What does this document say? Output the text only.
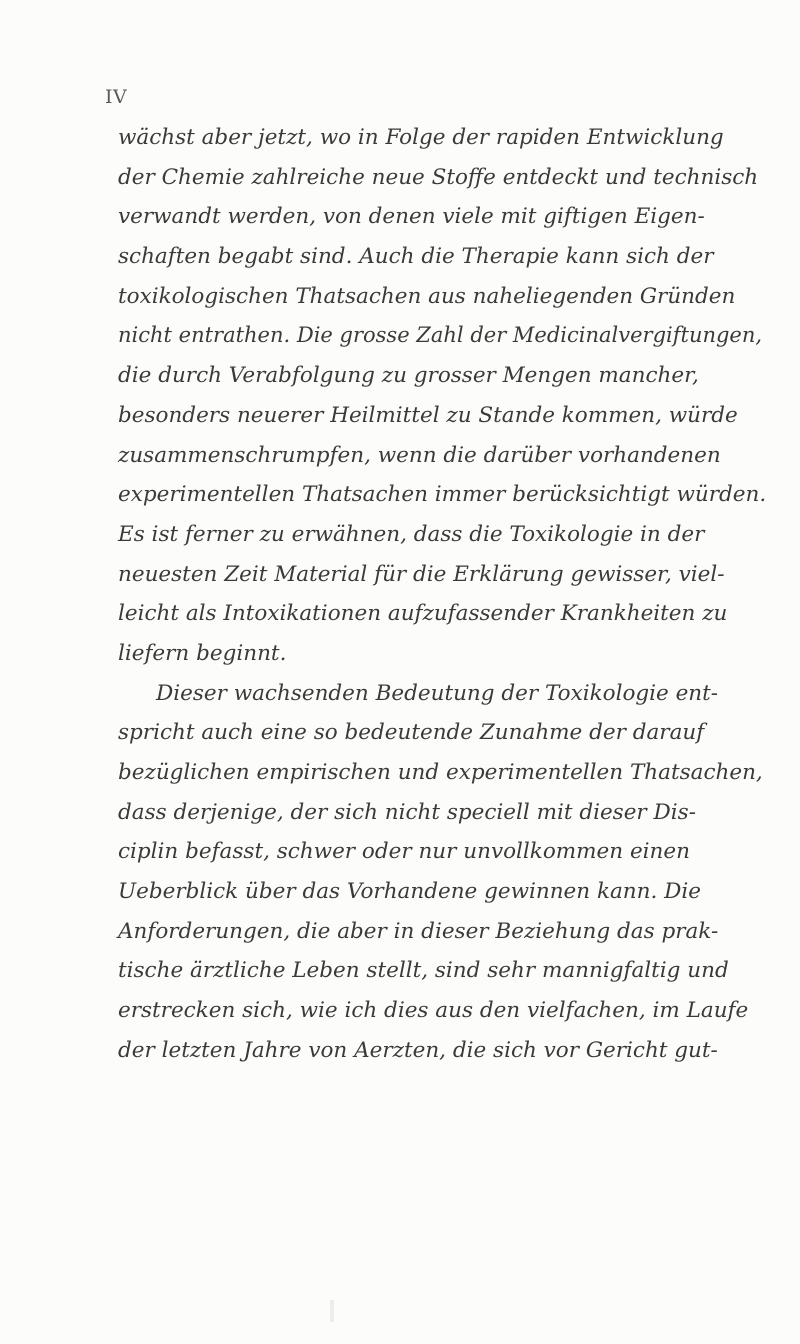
IV
wächst aber jetzt, wo in Folge der rapiden Entwicklung
der Chemie zahlreiche neue Stoffe entdeckt und technisch
verwandt werden, von denen viele mit giftigen Eigen-
schaften begabt sind. Auch die Therapie kann sich der
toxikologischen Thatsachen aus naheliegenden Gründen
nicht entrathen. Die grosse Zahl der Medicinalvergiftungen,
die durch Verabfolgung zu grosser Mengen mancher,
besonders neuerer Heilmittel zu Stande kommen, würde
zusammenschrumpfen, wenn die darüber vorhandenen
experimentellen Thatsachen immer berücksichtigt würden.
Es ist ferner zu erwähnen, dass die Toxikologie in der
neuesten Zeit Material für die Erklärung gewisser, viel-
leicht als Intoxikationen aufzufassender Krankheiten zu
liefern beginnt.
Dieser wachsenden Bedeutung der Toxikologie ent-
spricht auch eine so bedeutende Zunahme der darauf
bezüglichen empirischen und experimentellen Thatsachen,
dass derjenige, der sich nicht speciell mit dieser Dis-
ciplin befasst, schwer oder nur unvollkommen einen
Ueberblick über das Vorhandene gewinnen kann. Die
Anforderungen, die aber in dieser Beziehung das prak-
tische ärztliche Leben stellt, sind sehr mannigfaltig und
erstrecken sich, wie ich dies aus den vielfachen, im Laufe
der letzten Jahre von Aerzten, die sich vor Gericht gut-
